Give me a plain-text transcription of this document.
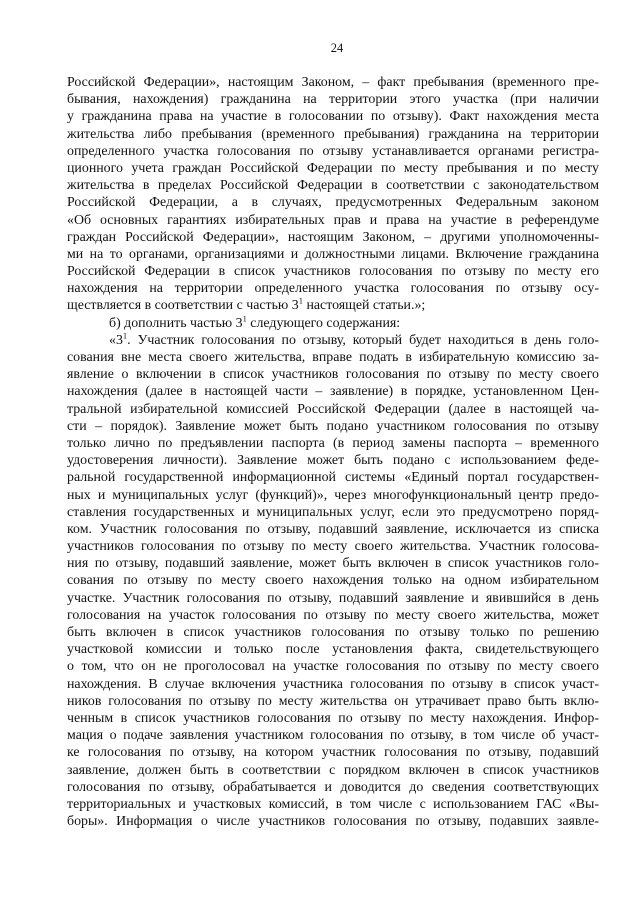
24
Российской Федерации», настоящим Законом, – факт пребывания (временного пре-
бывания, нахождения) гражданина на территории этого участка (при наличии
у гражданина права на участие в голосовании по отзыву). Факт нахождения места
жительства либо пребывания (временного пребывания) гражданина на территории
определенного участка голосования по отзыву устанавливается органами регистра-
ционного учета граждан Российской Федерации по месту пребывания и по месту
жительства в пределах Российской Федерации в соответствии с законодательством
Российской Федерации, а в случаях, предусмотренных Федеральным законом
«Об основных гарантиях избирательных прав и права на участие в референдуме
граждан Российской Федерации», настоящим Законом, – другими уполномоченны-
ми на то органами, организациями и должностными лицами. Включение гражданина
Российской Федерации в список участников голосования по отзыву по месту его
нахождения на территории определенного участка голосования по отзыву осу-
ществляется в соответствии с частью $3^1$ настоящей статьи.»;
б) дополнить частью $3^1$ следующего содержания:
«$3^1$. Участник голосования по отзыву, который будет находиться в день голо-
сования вне места своего жительства, вправе подать в избирательную комиссию за-
явление о включении в список участников голосования по отзыву по месту своего
нахождения (далее в настоящей части – заявление) в порядке, установленном Цен-
тральной избирательной комиссией Российской Федерации (далее в настоящей ча-
сти – порядок). Заявление может быть подано участником голосования по отзыву
только лично по предъявлении паспорта (в период замены паспорта – временного
удостоверения личности). Заявление может быть подано с использованием феде-
ральной государственной информационной системы «Единый портал государствен-
ных и муниципальных услуг (функций)», через многофункциональный центр предо-
ставления государственных и муниципальных услуг, если это предусмотрено поряд-
ком. Участник голосования по отзыву, подавший заявление, исключается из списка
участников голосования по отзыву по месту своего жительства. Участник голосова-
ния по отзыву, подавший заявление, может быть включен в список участников голо-
сования по отзыву по месту своего нахождения только на одном избирательном
участке. Участник голосования по отзыву, подавший заявление и явившийся в день
голосования на участок голосования по отзыву по месту своего жительства, может
быть включен в список участников голосования по отзыву только по решению
участковой комиссии и только после установления факта, свидетельствующего
о том, что он не проголосовал на участке голосования по отзыву по месту своего
нахождения. В случае включения участника голосования по отзыву в список участ-
ников голосования по отзыву по месту жительства он утрачивает право быть вклю-
ченным в список участников голосования по отзыву по месту нахождения. Инфор-
мация о подаче заявления участником голосования по отзыву, в том числе об участ-
ке голосования по отзыву, на котором участник голосования по отзыву, подавший
заявление, должен быть в соответствии с порядком включен в список участников
голосования по отзыву, обрабатывается и доводится до сведения соответствующих
территориальных и участковых комиссий, в том числе с использованием ГАС «Вы-
боры». Информация о числе участников голосования по отзыву, подавших заявле-
